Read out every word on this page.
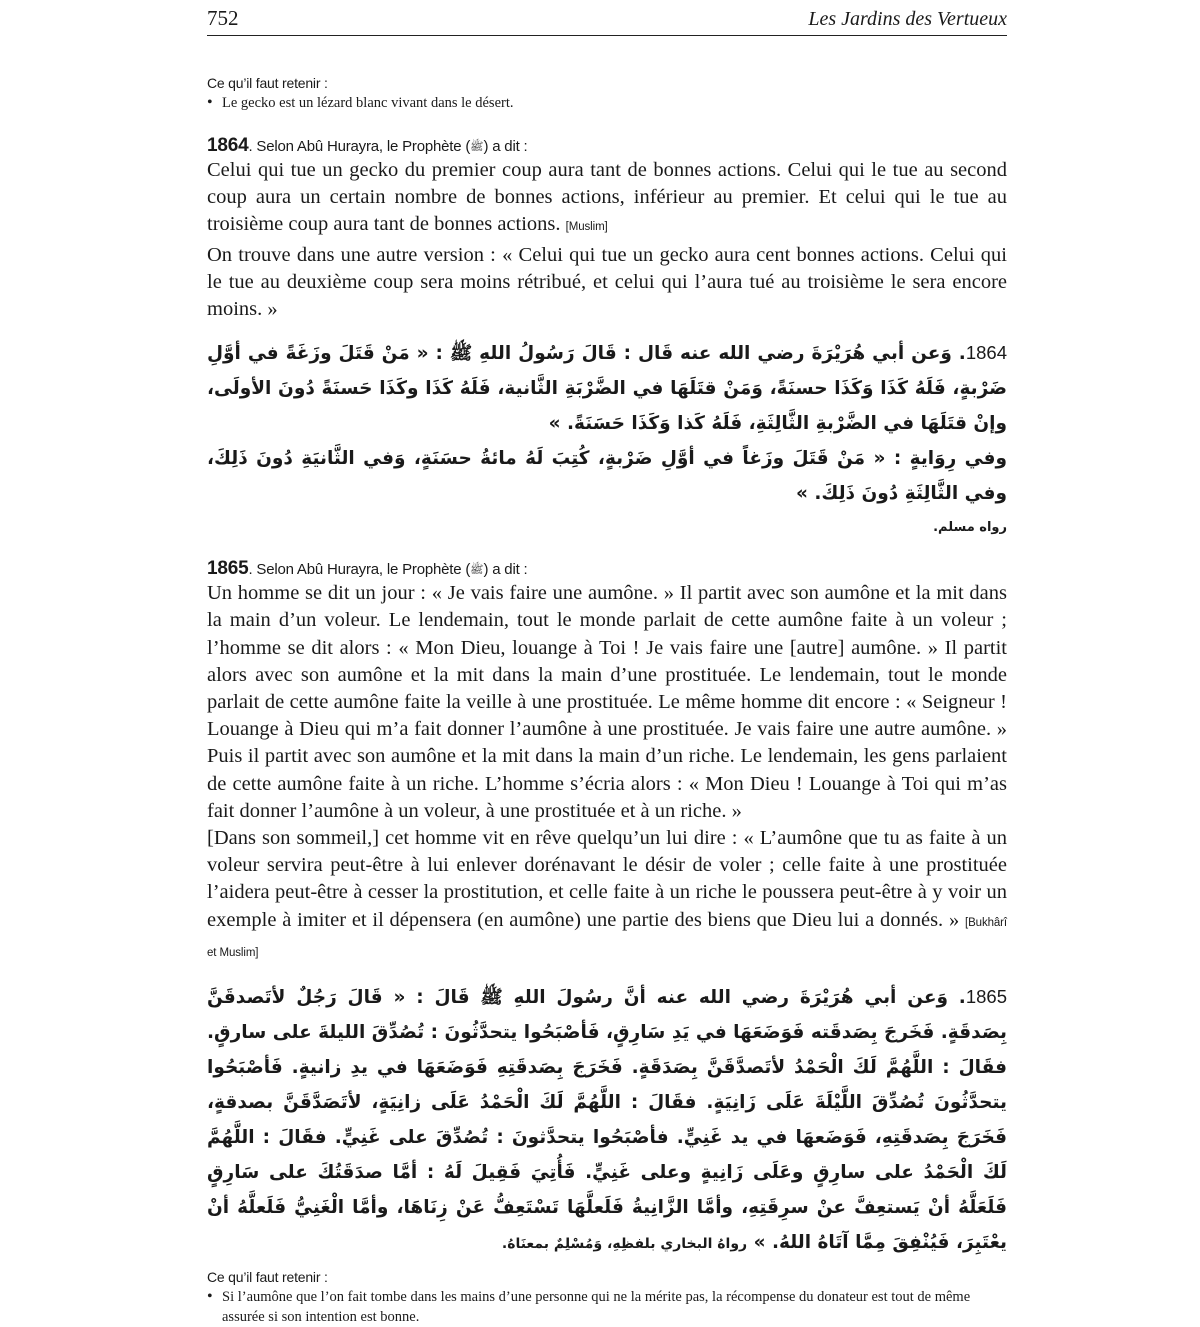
752	Les Jardins des Vertueux
Ce qu’il faut retenir :
• Le gecko est un lézard blanc vivant dans le désert.
1864. Selon Abû Hurayra, le Prophète (ﷺ) a dit :

Celui qui tue un gecko du premier coup aura tant de bonnes actions. Celui qui le tue au second coup aura un certain nombre de bonnes actions, inférieur au premier. Et celui qui le tue au troisième coup aura tant de bonnes actions. [Muslim]

On trouve dans une autre version : « Celui qui tue un gecko aura cent bonnes actions. Celui qui le tue au deuxième coup sera moins rétribué, et celui qui l’aura tué au troisième le sera encore moins. »

1864. وَعن أبي هُرَيْرَةَ رضي الله عنه قَال : قَالَ رَسُولُ اللهِ ﷺ : « مَنْ قَتَلَ وزَغَةً في أوَّلِ ضَرْبةٍ، فَلَهُ كَذَا وَكَذَا حسنَةً، وَمَنْ قتَلَهَا في الضَّرْبَةِ الثَّانية، فَلَهُ كَذَا وكَذَا حَسنَةً دُونَ الأولَى، وإنْ قتَلَهَا في الضَّرْبةِ الثَّالِثَةِ، فَلَهُ كَذا وَكَذَا حَسَنَةً. »

وفي رِوَايةٍ : « مَنْ قَتَلَ وزَغاً في أوَّلِ ضَرْبةٍ، كُتِبَ لَهُ مائةُ حسَنَةٍ، وَفي الثَّانيَةِ دُونَ ذَلِكَ، وفي الثَّالِثَةِ دُونَ ذَلِكَ. »

رواه مسلم.
1865. Selon Abû Hurayra, le Prophète (ﷺ) a dit :

Un homme se dit un jour : « Je vais faire une aumône. » Il partit avec son aumône et la mit dans la main d’un voleur. Le lendemain, tout le monde parlait de cette aumône faite à un voleur ; l’homme se dit alors : « Mon Dieu, louange à Toi ! Je vais faire une [autre] aumône. » Il partit alors avec son aumône et la mit dans la main d’une prostituée. Le lendemain, tout le monde parlait de cette aumône faite la veille à une prostituée. Le même homme dit encore : « Seigneur ! Louange à Dieu qui m’a fait donner l’aumône à une prostituée. Je vais faire une autre aumône. » Puis il partit avec son aumône et la mit dans la main d’un riche. Le lendemain, les gens parlaient de cette aumône faite à un riche. L’homme s’écria alors : « Mon Dieu ! Louange à Toi qui m’as fait donner l’aumône à un voleur, à une prostituée et à un riche. »

[Dans son sommeil,] cet homme vit en rêve quelqu’un lui dire : « L’aumône que tu as faite à un voleur servira peut-être à lui enlever dorénavant le désir de voler ; celle faite à une prostituée l’aidera peut-être à cesser la prostitution, et celle faite à un riche le poussera peut-être à y voir un exemple à imiter et il dépensera (en aumône) une partie des biens que Dieu lui a donnés. » [Bukhârî et Muslim]

1865. وَعن أبي هُرَيْرَةَ رضي الله عنه أنَّ رسُولَ اللهِ ﷺ قَالَ : « قَالَ رَجُلٌ لأتَصدقَنَّ بِصَدقَةٍ. فَخَرجَ بِصَدقَته فَوَضَعَهَا في يَدِ سَارِقٍ، فَأصْبَحُوا يتحدَّثُونَ : تُصُدِّقَ الليلةَ على سارقٍ. فقَالَ : اللَّهُمَّ لَكَ الْحَمْدُ لأتَصدَّقَنَّ بِصَدَقَةٍ. فَخَرَجَ بِصَدقَتِهِ فَوَضَعَهَا في يدِ زانيةٍ. فَأصْبَحُوا يتحدَّثُونَ تُصُدِّقَ اللَّيْلَةَ عَلَى زَانِيَةٍ. فقَالَ : اللَّهُمَّ لَكَ الْحَمْدُ عَلَى زانِيَةٍ، لأتَصَدَّقَنَّ بصدقةٍ، فَخَرَجَ بِصَدقَتِهِ، فَوَضَعهَا في يد غَنِيٍّ. فأصْبَحُوا يتحدَّثونَ : تُصُدِّقَ على غَنِيٍّ. فقَالَ : اللَّهُمَّ لَكَ الْحَمْدُ على سارِقٍ وعَلَى زَانِيةٍ وعلى غَنِيٍّ. فَأُتِيَ فَقِيلَ لَهُ : أمَّا صدَقَتُكَ على سَارِقٍ فَلَعَلَّهُ أنْ يَستعِفَّ عنْ سرِقَتِهِ، وأمَّا الزَّانِيةُ فَلَعلَّهَا تَسْتَعِفُّ عَنْ زِنَاهَا، وأمَّا الْغَنِيُّ فَلَعلَّهُ أنْ يعْتَبِرَ، فَيُنْفِقَ مِمَّا آتَاهُ اللهُ. » رواهُ البخاري بلفظِهِ، وَمُسْلِمٌ بمعنَاهُ.

Ce qu’il faut retenir :
• Si l’aumône que l’on fait tombe dans les mains d’une personne qui ne la mérite pas, la récompense du donateur est tout de même assurée si son intention est bonne.
